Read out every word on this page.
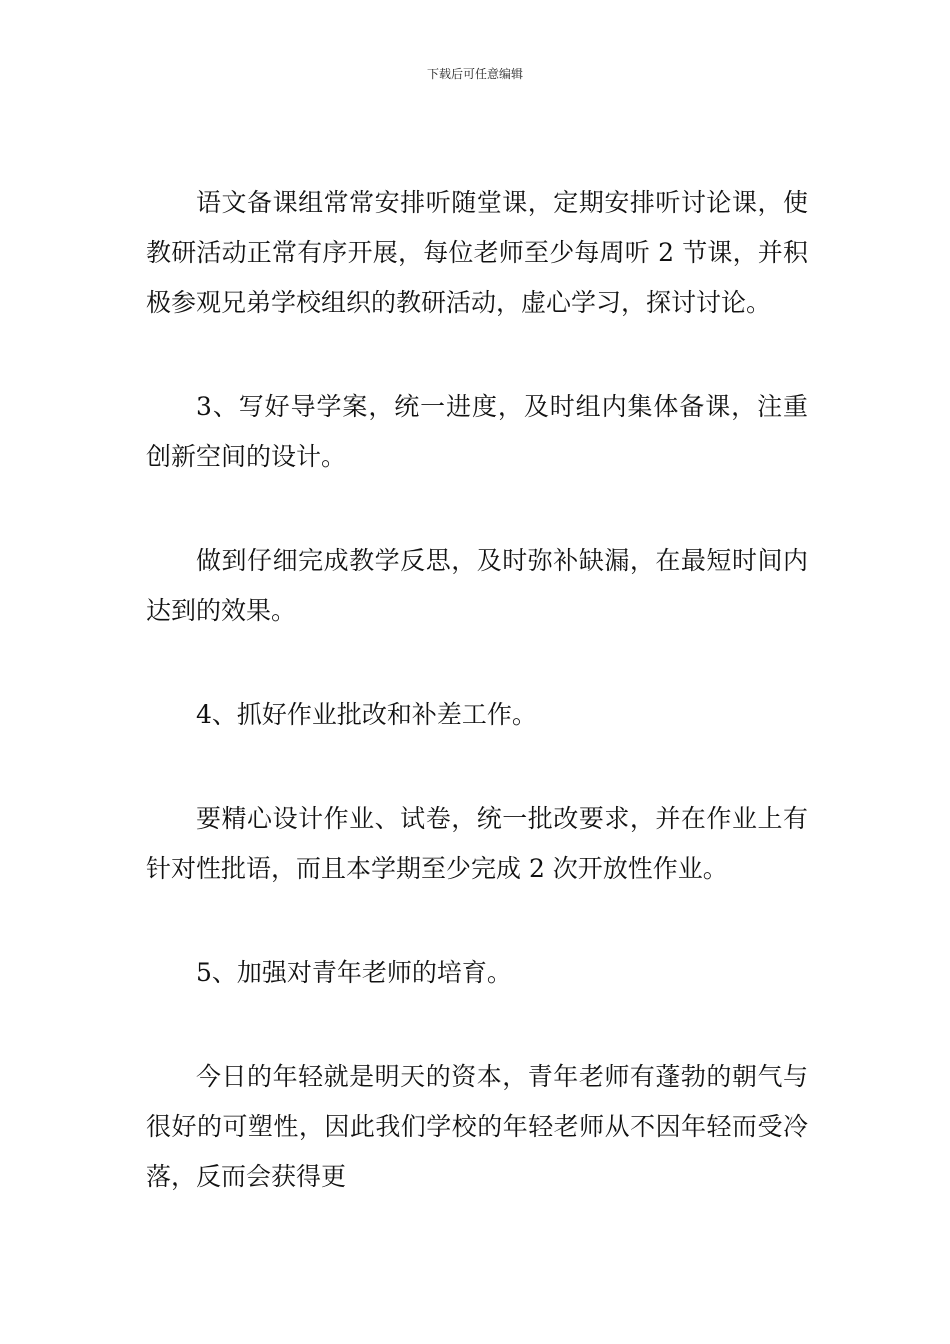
下载后可任意编辑

语文备课组常常安排听随堂课，定期安排听讨论课，使教研活动正常有序开展，每位老师至少每周听 2 节课，并积极参观兄弟学校组织的教研活动，虚心学习，探讨讨论。

3、写好导学案，统一进度，及时组内集体备课，注重创新空间的设计。

做到仔细完成教学反思，及时弥补缺漏，在最短时间内达到的效果。

4、抓好作业批改和补差工作。

要精心设计作业、试卷，统一批改要求，并在作业上有针对性批语，而且本学期至少完成 2 次开放性作业。

5、加强对青年老师的培育。

今日的年轻就是明天的资本，青年老师有蓬勃的朝气与很好的可塑性，因此我们学校的年轻老师从不因年轻而受冷落，反而会获得更
